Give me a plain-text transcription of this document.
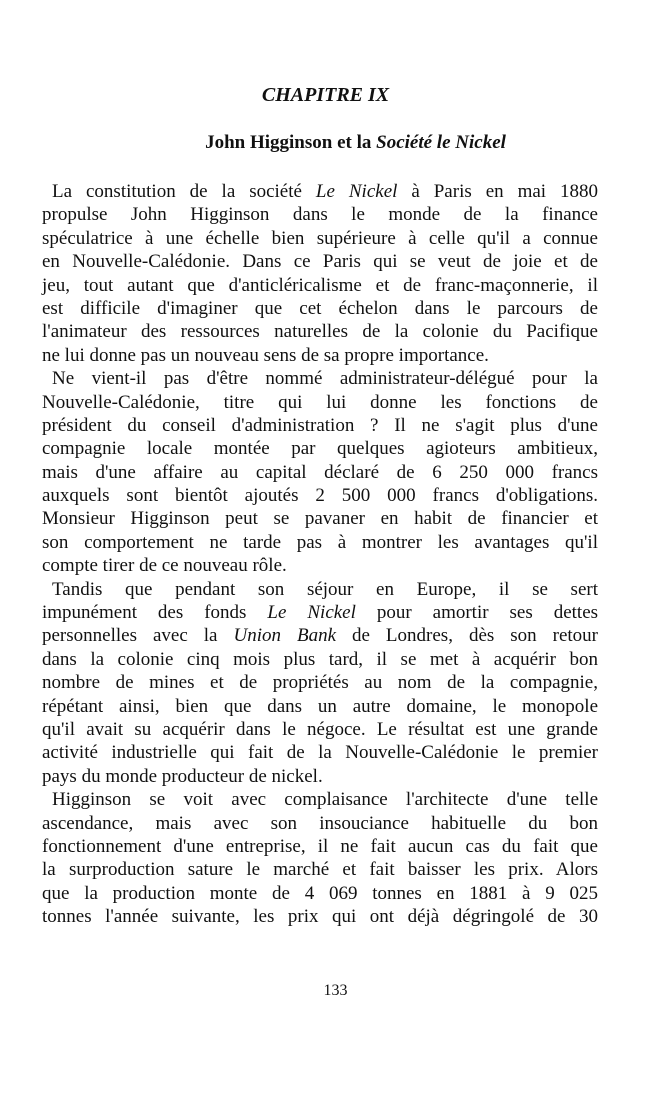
CHAPITRE IX
John Higginson et la Société le Nickel
La constitution de la société Le Nickel à Paris en mai 1880
propulse John Higginson dans le monde de la finance
spéculatrice à une échelle bien supérieure à celle qu'il a connue
en Nouvelle-Calédonie. Dans ce Paris qui se veut de joie et de
jeu, tout autant que d'anticléricalisme et de franc-maçonnerie, il
est difficile d'imaginer que cet échelon dans le parcours de
l'animateur des ressources naturelles de la colonie du Pacifique
ne lui donne pas un nouveau sens de sa propre importance.
Ne vient-il pas d'être nommé administrateur-délégué pour la
Nouvelle-Calédonie, titre qui lui donne les fonctions de
président du conseil d'administration ? Il ne s'agit plus d'une
compagnie locale montée par quelques agioteurs ambitieux,
mais d'une affaire au capital déclaré de 6 250 000 francs
auxquels sont bientôt ajoutés 2 500 000 francs d'obligations.
Monsieur Higginson peut se pavaner en habit de financier et
son comportement ne tarde pas à montrer les avantages qu'il
compte tirer de ce nouveau rôle.
Tandis que pendant son séjour en Europe, il se sert
impunément des fonds Le Nickel pour amortir ses dettes
personnelles avec la Union Bank de Londres, dès son retour
dans la colonie cinq mois plus tard, il se met à acquérir bon
nombre de mines et de propriétés au nom de la compagnie,
répétant ainsi, bien que dans un autre domaine, le monopole
qu'il avait su acquérir dans le négoce. Le résultat est une grande
activité industrielle qui fait de la Nouvelle-Calédonie le premier
pays du monde producteur de nickel.
Higginson se voit avec complaisance l'architecte d'une telle
ascendance, mais avec son insouciance habituelle du bon
fonctionnement d'une entreprise, il ne fait aucun cas du fait que
la surproduction sature le marché et fait baisser les prix. Alors
que la production monte de 4 069 tonnes en 1881 à 9 025
tonnes l'année suivante, les prix qui ont déjà dégringolé de 30
133
